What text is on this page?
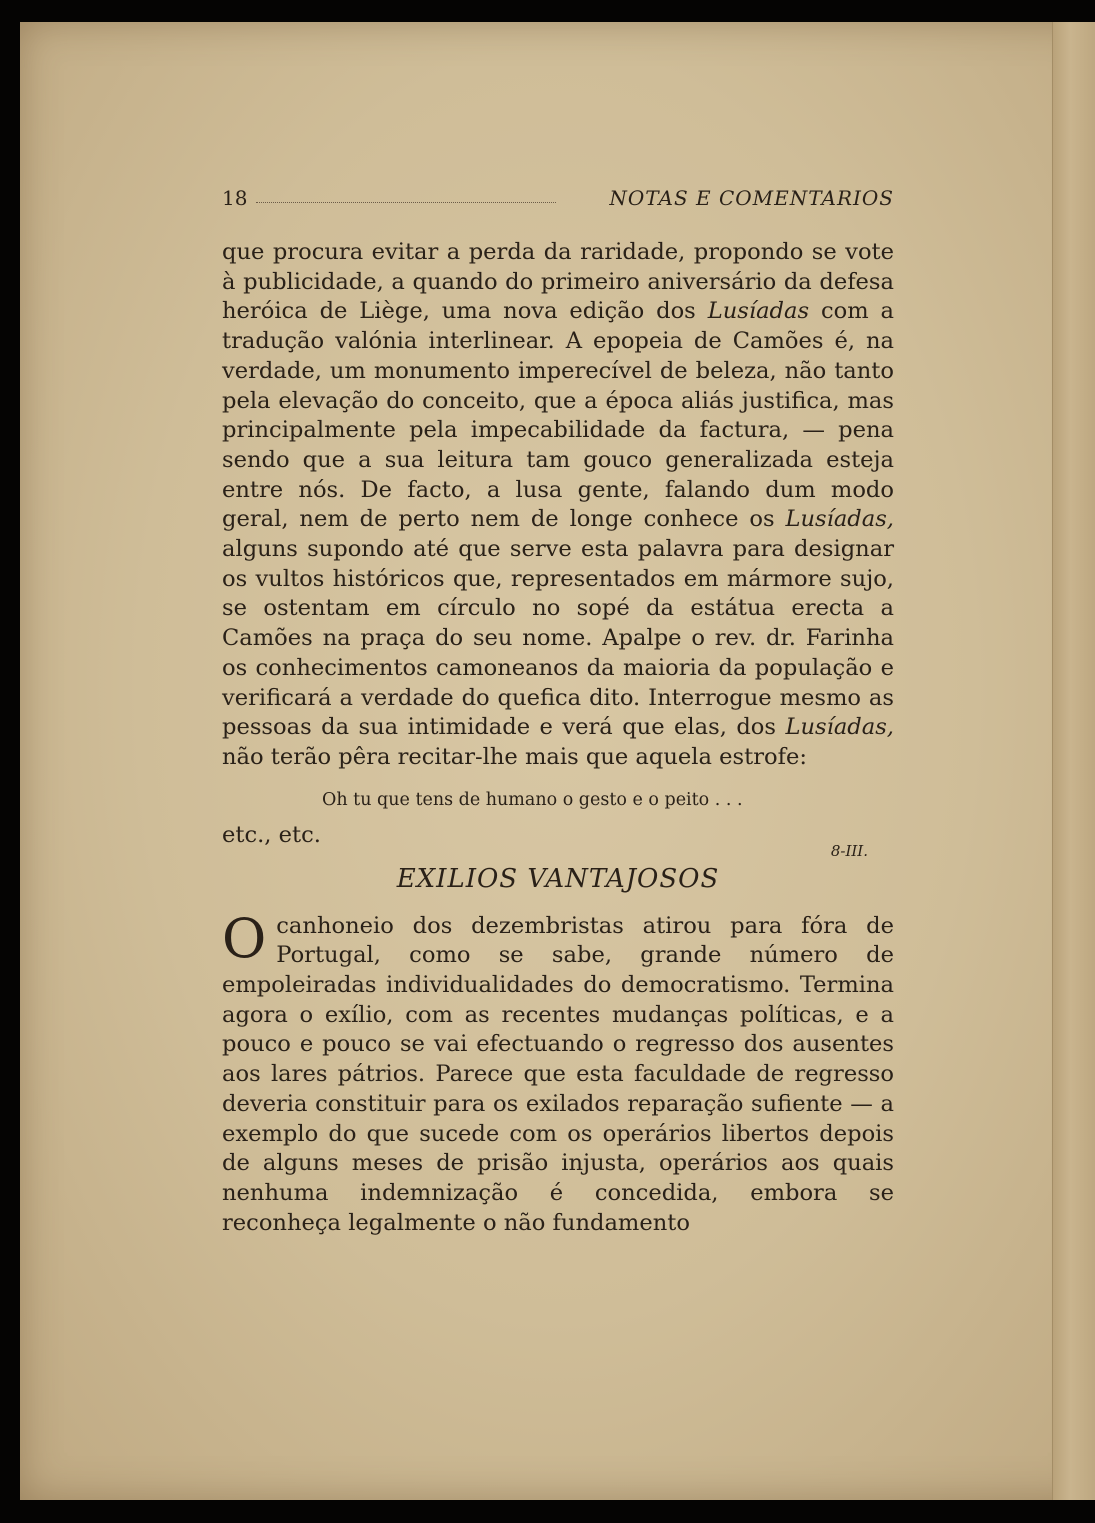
18	NOTAS E COMENTARIOS

que procura evitar a perda da raridade, propondo se vote à publicidade, a quando do primeiro aniversário da defesa heróica de Liège, uma nova edição dos Lusíadas com a tradução valónia interlinear. A epopeia de Camões é, na verdade, um monumento imperecível de beleza, não tanto pela elevação do conceito, que a época aliás justifica, mas principalmente pela impecabilidade da factura, — pena sendo que a sua leitura tam gouco generalizada esteja entre nós. De facto, a lusa gente, falando dum modo geral, nem de perto nem de longe conhece os Lusíadas, alguns supondo até que serve esta palavra para designar os vultos históricos que, representados em mármore sujo, se ostentam em círculo no sopé da estátua erecta a Camões na praça do seu nome. Apalpe o rev. dr. Farinha os conhecimentos camoneanos da maioria da população e verificará a verdade do quefica dito. Interrogue mesmo as pessoas da sua intimidade e verá que elas, dos Lusíadas, não terão pêra recitar-lhe mais que aquela estrofe:

Oh tu que tens de humano o gesto e o peito . . .
etc., etc.
8-III.
EXILIOS VANTAJOSOS

Ocanhoneio dos dezembristas atirou para fóra de Portugal, como se sabe, grande número de empoleiradas individualidades do democratismo. Termina agora o exílio, com as recentes mudanças políticas, e a pouco e pouco se vai efectuando o regresso dos ausentes aos lares pátrios. Parece que esta faculdade de regresso deveria constituir para os exilados reparação sufiente — a exemplo do que sucede com os operários libertos depois de alguns meses de prisão injusta, operários aos quais nenhuma indemnização é concedida, embora se reconheça legalmente o não fundamento
